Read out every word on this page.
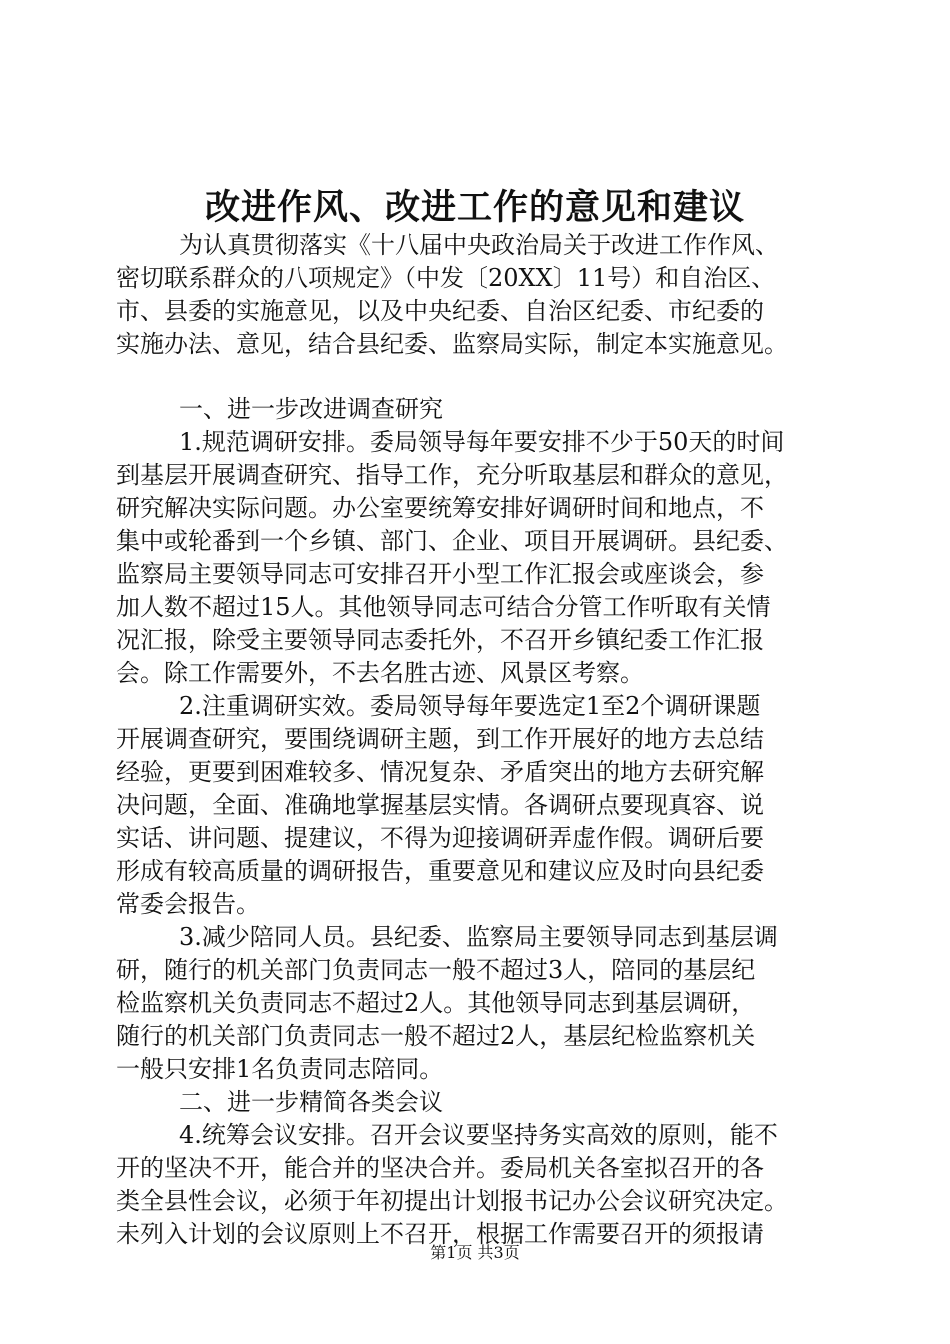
改进作风、改进工作的意见和建议
为认真贯彻落实《十八届中央政治局关于改进工作作风、
密切联系群众的八项规定》（中发〔20XX〕11号）和自治区、
市、县委的实施意见，以及中央纪委、自治区纪委、市纪委的
实施办法、意见，结合县纪委、监察局实际，制定本实施意见。
一、进一步改进调查研究
1.规范调研安排。委局领导每年要安排不少于50天的时间
到基层开展调查研究、指导工作，充分听取基层和群众的意见，
研究解决实际问题。办公室要统筹安排好调研时间和地点，不
集中或轮番到一个乡镇、部门、企业、项目开展调研。县纪委、
监察局主要领导同志可安排召开小型工作汇报会或座谈会，参
加人数不超过15人。其他领导同志可结合分管工作听取有关情
况汇报，除受主要领导同志委托外，不召开乡镇纪委工作汇报
会。除工作需要外，不去名胜古迹、风景区考察。
2.注重调研实效。委局领导每年要选定1至2个调研课题
开展调查研究，要围绕调研主题，到工作开展好的地方去总结
经验，更要到困难较多、情况复杂、矛盾突出的地方去研究解
决问题，全面、准确地掌握基层实情。各调研点要现真容、说
实话、讲问题、提建议，不得为迎接调研弄虚作假。调研后要
形成有较高质量的调研报告，重要意见和建议应及时向县纪委
常委会报告。
3.减少陪同人员。县纪委、监察局主要领导同志到基层调
研，随行的机关部门负责同志一般不超过3人，陪同的基层纪
检监察机关负责同志不超过2人。其他领导同志到基层调研，
随行的机关部门负责同志一般不超过2人，基层纪检监察机关
一般只安排1名负责同志陪同。
二、进一步精简各类会议
4.统筹会议安排。召开会议要坚持务实高效的原则，能不
开的坚决不开，能合并的坚决合并。委局机关各室拟召开的各
类全县性会议，必须于年初提出计划报书记办公会议研究决定。
未列入计划的会议原则上不召开，根据工作需要召开的须报请
第1页 共3页
